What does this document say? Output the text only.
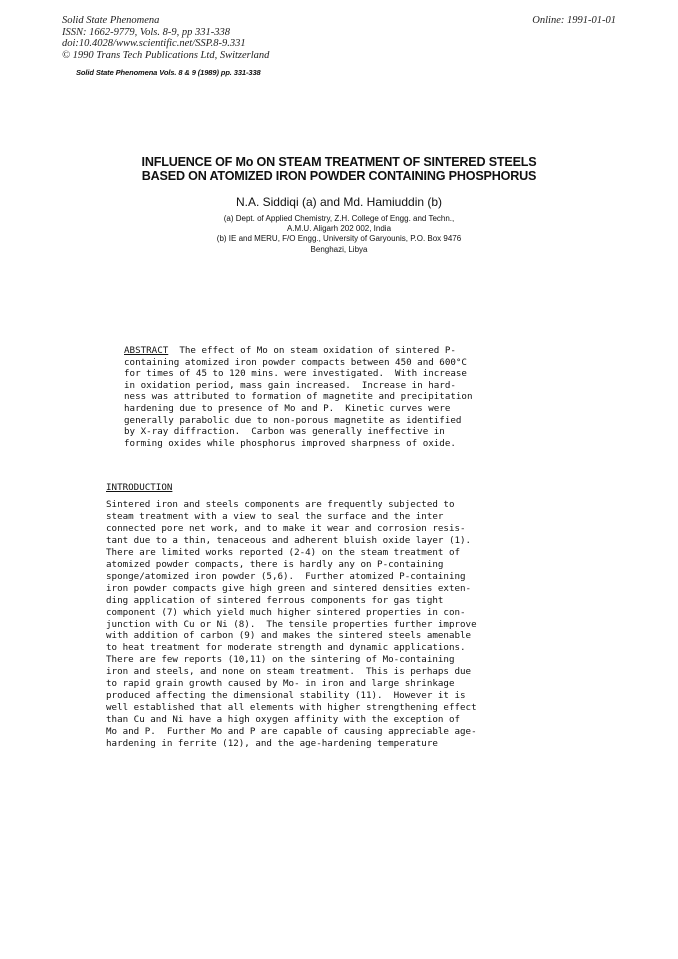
Solid State Phenomena
ISSN: 1662-9779, Vols. 8-9, pp 331-338
doi:10.4028/www.scientific.net/SSP.8-9.331
© 1990 Trans Tech Publications Ltd, Switzerland
Online: 1991-01-01
Solid State Phenomena Vols. 8 & 9 (1989) pp. 331-338
INFLUENCE OF Mo ON STEAM TREATMENT OF SINTERED STEELS
BASED ON ATOMIZED IRON POWDER CONTAINING PHOSPHORUS
N.A. Siddiqi (a) and Md. Hamiuddin (b)
(a) Dept. of Applied Chemistry, Z.H. College of Engg. and Techn.,
A.M.U. Aligarh 202 002, India
(b) IE and MERU, F/O Engg., University of Garyounis, P.O. Box 9476
Benghazi, Libya
ABSTRACT  The effect of Mo on steam oxidation of sintered P-
containing atomized iron powder compacts between 450 and 600°C
for times of 45 to 120 mins. were investigated.  With increase
in oxidation period, mass gain increased.  Increase in hard-
ness was attributed to formation of magnetite and precipitation
hardening due to presence of Mo and P.  Kinetic curves were
generally parabolic due to non-porous magnetite as identified
by X-ray diffraction.  Carbon was generally ineffective in
forming oxides while phosphorus improved sharpness of oxide.
INTRODUCTION
Sintered iron and steels components are frequently subjected to
steam treatment with a view to seal the surface and the inter
connected pore net work, and to make it wear and corrosion resis-
tant due to a thin, tenaceous and adherent bluish oxide layer (1).
There are limited works reported (2-4) on the steam treatment of
atomized powder compacts, there is hardly any on P-containing
sponge/atomized iron powder (5,6).  Further atomized P-containing
iron powder compacts give high green and sintered densities exten-
ding application of sintered ferrous components for gas tight
component (7) which yield much higher sintered properties in con-
junction with Cu or Ni (8).  The tensile properties further improve
with addition of carbon (9) and makes the sintered steels amenable
to heat treatment for moderate strength and dynamic applications.
There are few reports (10,11) on the sintering of Mo-containing
iron and steels, and none on steam treatment.  This is perhaps due
to rapid grain growth caused by Mo- in iron and large shrinkage
produced affecting the dimensional stability (11).  However it is
well established that all elements with higher strengthening effect
than Cu and Ni have a high oxygen affinity with the exception of
Mo and P.  Further Mo and P are capable of causing appreciable age-
hardening in ferrite (12), and the age-hardening temperature
